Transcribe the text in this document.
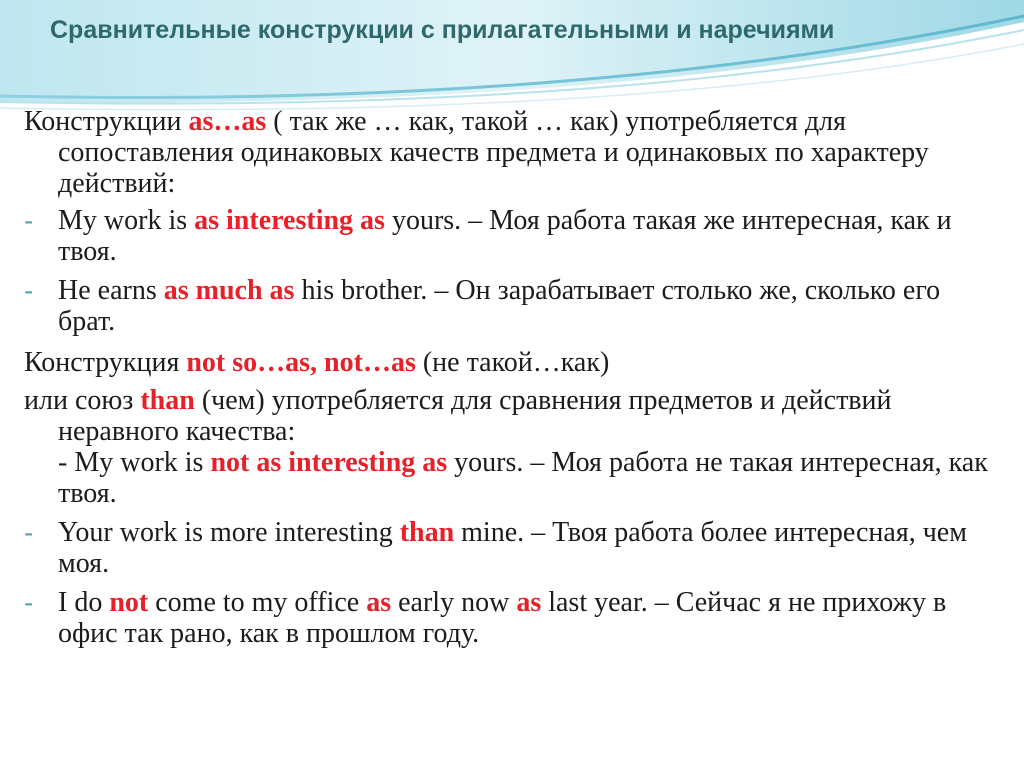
Сравнительные конструкции с прилагательными и наречиями

Конструкции as…as ( так же … как, такой … как) употребляется для сопоставления одинаковых качеств предмета и одинаковых по характеру действий:

- My work is as interesting as yours. – Моя работа такая же интересная, как и твоя.

- He earns as much as his brother. – Он зарабатывает столько же, сколько его брат.

Конструкция not so…as, not…as (не такой…как)

или союз than (чем) употребляется для сравнения предметов и действий неравного качества:

- My work is not as interesting as yours. – Моя работа не такая интересная, как твоя.

- Your work is more interesting than mine. – Твоя работа более интересная, чем моя.

- I do not come to my office as early now as last year. – Сейчас я не прихожу в офис так рано, как в прошлом году.
